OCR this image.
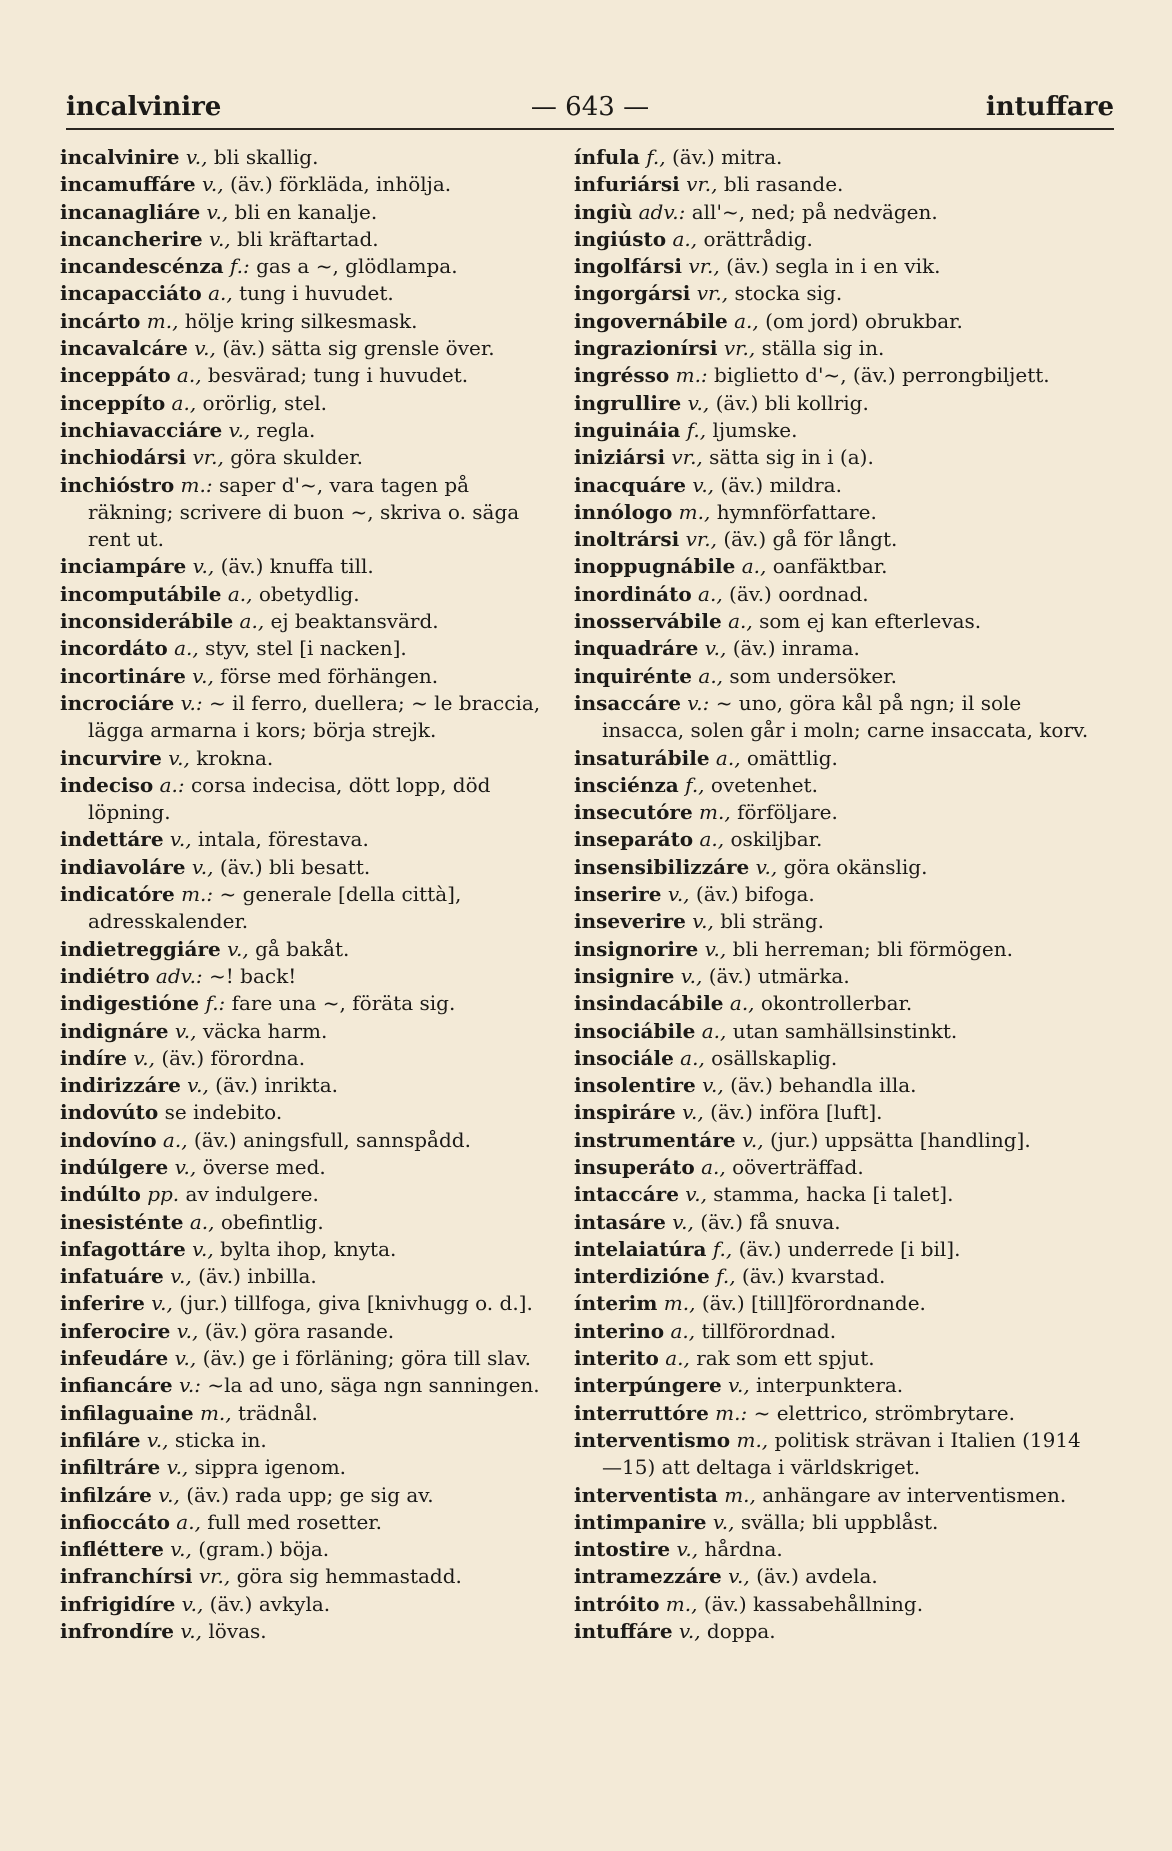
incalvinire	— 643 —	intuffare
incalvinire v., bli skallig.
incamuffáre v., (äv.) förkläda, inhölja.
incanagliáre v., bli en kanalje.
incancherire v., bli kräftartad.
incandescénza f.: gas a ~, glödlampa.
incapacciáto a., tung i huvudet.
incárto m., hölje kring silkesmask.
incavalcáre v., (äv.) sätta sig grensle över.
inceppáto a., besvärad; tung i huvudet.
inceppíto a., orörlig, stel.
inchiavacciáre v., regla.
inchiodársi vr., göra skulder.
inchióstro m.: saper d'~, vara tagen på räkning; scrivere di buon ~, skriva o. säga rent ut.
inciampáre v., (äv.) knuffa till.
incomputábile a., obetydlig.
inconsiderábile a., ej beaktansvärd.
incordáto a., styv, stel [i nacken].
incortináre v., förse med förhängen.
incrociáre v.: ~ il ferro, duellera; ~ le braccia, lägga armarna i kors; börja strejk.
incurvire v., krokna.
indeciso a.: corsa indecisa, dött lopp, död löpning.
indettáre v., intala, förestava.
indiavoláre v., (äv.) bli besatt.
indicatóre m.: ~ generale [della città], adresskalender.
indietreggiáre v., gå bakåt.
indiétro adv.: ~! back!
indigestióne f.: fare una ~, föräta sig.
indignáre v., väcka harm.
indíre v., (äv.) förordna.
indirizzáre v., (äv.) inrikta.
indovúto se indebito.
indovíno a., (äv.) aningsfull, sannspådd.
indúlgere v., överse med.
indúlto pp. av indulgere.
inesisténte a., obefintlig.
infagottáre v., bylta ihop, knyta.
infatuáre v., (äv.) inbilla.
inferire v., (jur.) tillfoga, giva [knivhugg o. d.].
inferocire v., (äv.) göra rasande.
infeudáre v., (äv.) ge i förläning; göra till slav.
infiancáre v.: ~la ad uno, säga ngn sanningen.
infilaguaine m., trädnål.
infiláre v., sticka in.
infiltráre v., sippra igenom.
infilzáre v., (äv.) rada upp; ge sig av.
infioccáto a., full med rosetter.
infléttere v., (gram.) böja.
infranchírsi vr., göra sig hemmastadd.
infrigidíre v., (äv.) avkyla.
infrondíre v., lövas.
ínfula f., (äv.) mitra.
infuriársi vr., bli rasande.
ingiù adv.: all'~, ned; på nedvägen.
ingiústo a., orättrådig.
ingolfársi vr., (äv.) segla in i en vik.
ingorgársi vr., stocka sig.
ingovernábile a., (om jord) obrukbar.
ingrazionírsi vr., ställa sig in.
ingrésso m.: biglietto d'~, (äv.) perrongbiljett.
ingrullire v., (äv.) bli kollrig.
inguináia f., ljumske.
iniziársi vr., sätta sig in i (a).
inacquáre v., (äv.) mildra.
innólogo m., hymnförfattare.
inoltrársi vr., (äv.) gå för långt.
inoppugnábile a., oanfäktbar.
inordináto a., (äv.) oordnad.
inosservábile a., som ej kan efterlevas.
inquadráre v., (äv.) inrama.
inquirénte a., som undersöker.
insaccáre v.: ~ uno, göra kål på ngn; il sole insacca, solen går i moln; carne insaccata, korv.
insaturábile a., omättlig.
insciénza f., ovetenhet.
insecutóre m., förföljare.
inseparáto a., oskiljbar.
insensibilizzáre v., göra okänslig.
inserire v., (äv.) bifoga.
inseverire v., bli sträng.
insignorire v., bli herreman; bli förmögen.
insignire v., (äv.) utmärka.
insindacábile a., okontrollerbar.
insociábile a., utan samhällsinstinkt.
insociále a., osällskaplig.
insolentire v., (äv.) behandla illa.
inspiráre v., (äv.) införa [luft].
instrumentáre v., (jur.) uppsätta [handling].
insuperáto a., oöverträffad.
intaccáre v., stamma, hacka [i talet].
intasáre v., (äv.) få snuva.
intelaiatúra f., (äv.) underrede [i bil].
interdizióne f., (äv.) kvarstad.
ínterim m., (äv.) [till]förordnande.
interino a., tillförordnad.
interito a., rak som ett spjut.
interpúngere v., interpunktera.
interruttóre m.: ~ elettrico, strömbrytare.
interventismo m., politisk strävan i Italien (1914—15) att deltaga i världskriget.
interventista m., anhängare av interventismen.
intimpanire v., svälla; bli uppblåst.
intostire v., hårdna.
intramezzáre v., (äv.) avdela.
intróito m., (äv.) kassabehållning.
intuffáre v., doppa.
